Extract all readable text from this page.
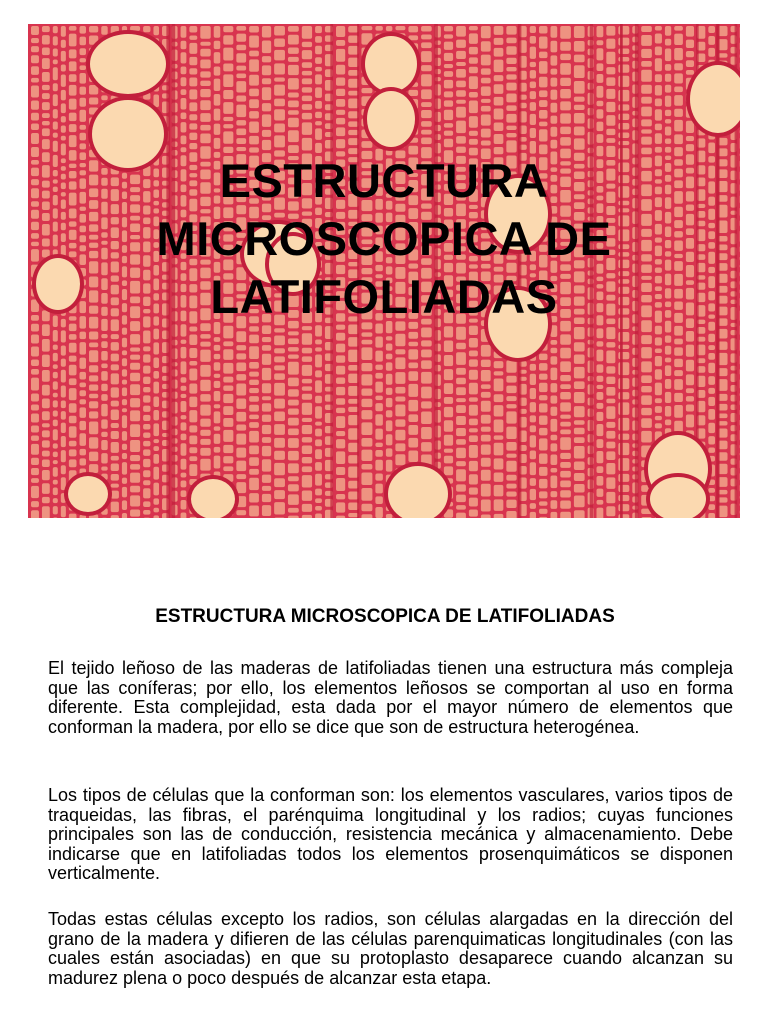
ESTRUCTURA
MICROSCOPICA DE
LATIFOLIADAS
ESTRUCTURA MICROSCOPICA DE LATIFOLIADAS

El tejido leñoso de las maderas de latifoliadas tienen una estructura más compleja que las coníferas; por ello, los elementos leñosos se comportan al uso en forma diferente. Esta complejidad, esta dada por el mayor número de elementos que conforman la madera, por ello se dice que son de estructura heterogénea.

Los tipos de células que la conforman son: los elementos vasculares, varios tipos de traqueidas, las fibras, el parénquima longitudinal y los radios; cuyas funciones principales son las de conducción, resistencia mecánica y almacenamiento. Debe indicarse que en latifoliadas todos los elementos prosenquimáticos se disponen verticalmente.

Todas estas células excepto los radios, son células alargadas en la dirección del grano de la madera y difieren de las células parenquimaticas longitudinales (con las cuales están asociadas) en que su protoplasto desaparece cuando alcanzan su madurez plena o poco después de alcanzar esta etapa.
